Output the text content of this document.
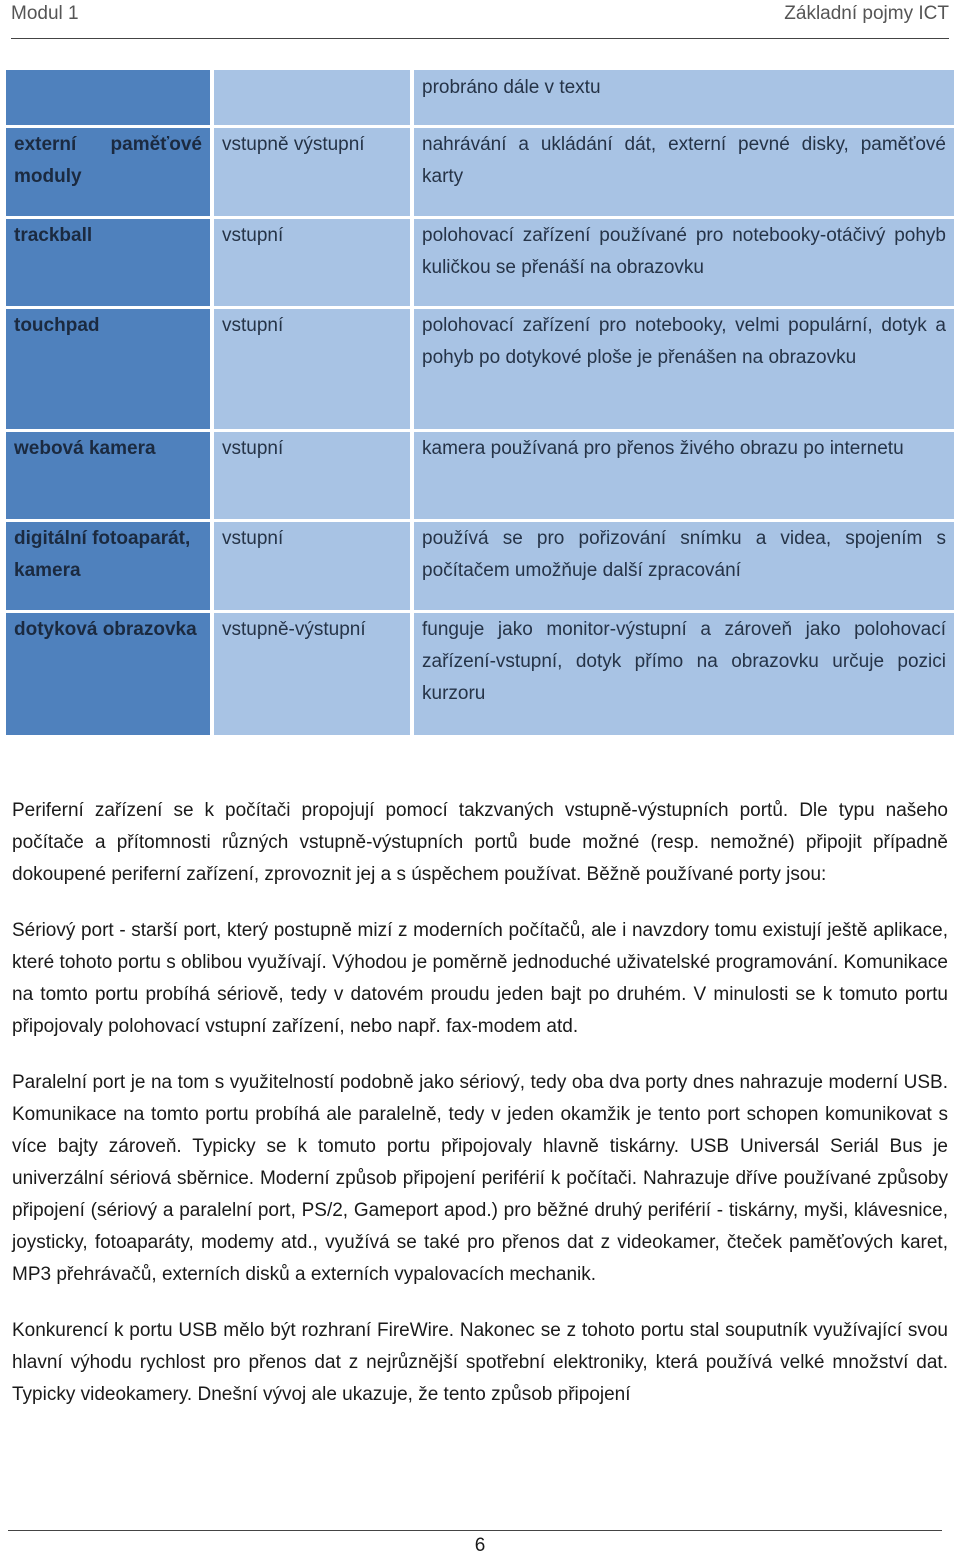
Modul 1	Základní pojmy ICT
		probráno dále v textu
externí paměťové moduly	vstupně výstupní	nahrávání a ukládání dát, externí pevné disky, paměťové karty
trackball	vstupní	polohovací zařízení používané pro notebooky-otáčivý pohyb kuličkou se přenáší na obrazovku
touchpad	vstupní	polohovací zařízení pro notebooky, velmi populární, dotyk a pohyb po dotykové ploše je přenášen na obrazovku
webová kamera	vstupní	kamera používaná pro přenos živého obrazu po internetu
digitální fotoaparát, kamera	vstupní	používá se pro pořizování snímku a videa, spojením s počítačem umožňuje další zpracování
dotyková obrazovka	vstupně-výstupní	funguje jako monitor-výstupní a zároveň jako polohovací zařízení-vstupní, dotyk přímo na obrazovku určuje pozici kurzoru

Periferní zařízení se k počítači propojují pomocí takzvaných vstupně-výstupních portů. Dle typu našeho počítače a přítomnosti různých vstupně-výstupních portů bude možné (resp. nemožné) připojit případně dokoupené periferní zařízení, zprovoznit jej a s úspěchem používat. Běžně používané porty jsou:

Sériový port - starší port, který postupně mizí z moderních počítačů, ale i navzdory tomu existují ještě aplikace, které tohoto portu s oblibou využívají. Výhodou je poměrně jednoduché uživatelské programování. Komunikace na tomto portu probíhá sériově, tedy v datovém proudu jeden bajt po druhém. V minulosti se k tomuto portu připojovaly polohovací vstupní zařízení, nebo např. fax-modem atd.

Paralelní port je na tom s využitelností podobně jako sériový, tedy oba dva porty dnes nahrazuje moderní USB. Komunikace na tomto portu probíhá ale paralelně, tedy v jeden okamžik je tento port schopen komunikovat s více bajty zároveň. Typicky se k tomuto portu připojovaly hlavně tiskárny. USB Universál Seriál Bus je univerzální sériová sběrnice. Moderní způsob připojení periférií k počítači. Nahrazuje dříve používané způsoby připojení (sériový a paralelní port, PS/2, Gameport apod.) pro běžné druhý periférií - tiskárny, myši, klávesnice, joysticky, fotoaparáty, modemy atd., využívá se také pro přenos dat z videokamer, čteček paměťových karet, MP3 přehrávačů, externích disků a externích vypalovacích mechanik.

Konkurencí k portu USB mělo být rozhraní FireWire. Nakonec se z tohoto portu stal souputník využívající svou hlavní výhodu rychlost pro přenos dat z nejrůznější spotřební elektroniky, která používá velké množství dat. Typicky videokamery. Dnešní vývoj ale ukazuje, že tento způsob připojení

6
